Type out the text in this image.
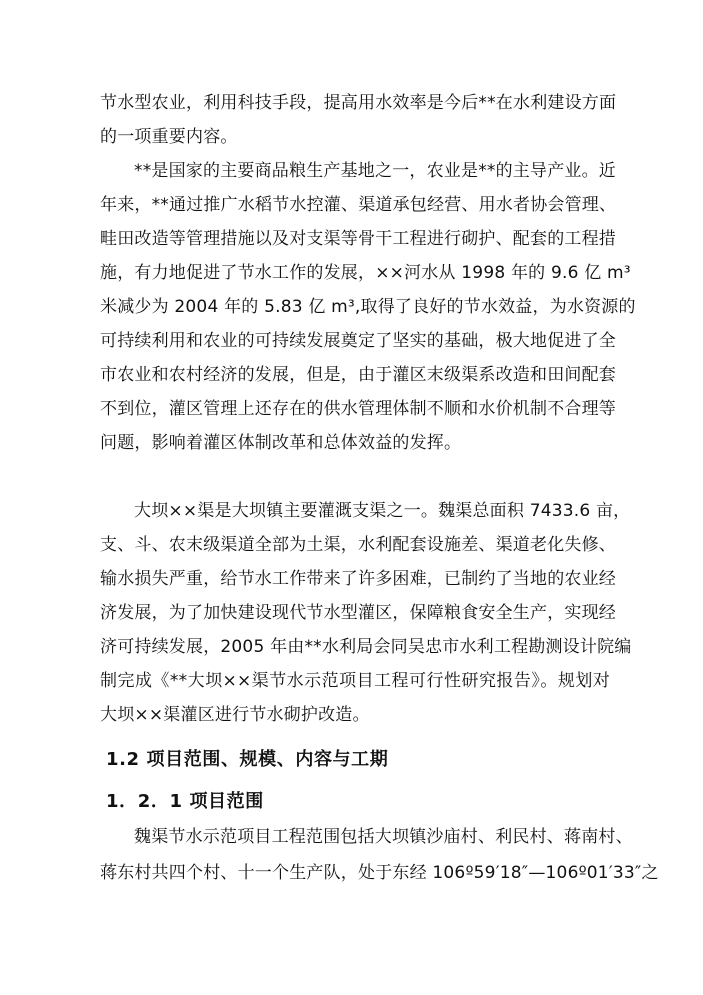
节水型农业，利用科技手段，提高用水效率是今后**在水利建设方面
的一项重要内容。
**是国家的主要商品粮生产基地之一，农业是**的主导产业。近
年来，**通过推广水稻节水控灌、渠道承包经营、用水者协会管理、
畦田改造等管理措施以及对支渠等骨干工程进行砌护、配套的工程措
施，有力地促进了节水工作的发展，××河水从 1998 年的 9.6 亿 m³
米减少为 2004 年的 5.83 亿 m³,取得了良好的节水效益，为水资源的
可持续利用和农业的可持续发展奠定了坚实的基础，极大地促进了全
市农业和农村经济的发展，但是，由于灌区末级渠系改造和田间配套
不到位，灌区管理上还存在的供水管理体制不顺和水价机制不合理等
问题，影响着灌区体制改革和总体效益的发挥。
大坝××渠是大坝镇主要灌溉支渠之一。魏渠总面积 7433.6 亩，
支、斗、农末级渠道全部为土渠，水利配套设施差、渠道老化失修、
输水损失严重，给节水工作带来了许多困难，已制约了当地的农业经
济发展，为了加快建设现代节水型灌区，保障粮食安全生产，实现经
济可持续发展，2005 年由**水利局会同吴忠市水利工程勘测设计院编
制完成《**大坝××渠节水示范项目工程可行性研究报告》。规划对
大坝××渠灌区进行节水砌护改造。
1.2 项目范围、规模、内容与工期
1．2．1 项目范围
魏渠节水示范项目工程范围包括大坝镇沙庙村、利民村、蒋南村、
蒋东村共四个村、十一个生产队，处于东经 106º59′18″—106º01′33″之
